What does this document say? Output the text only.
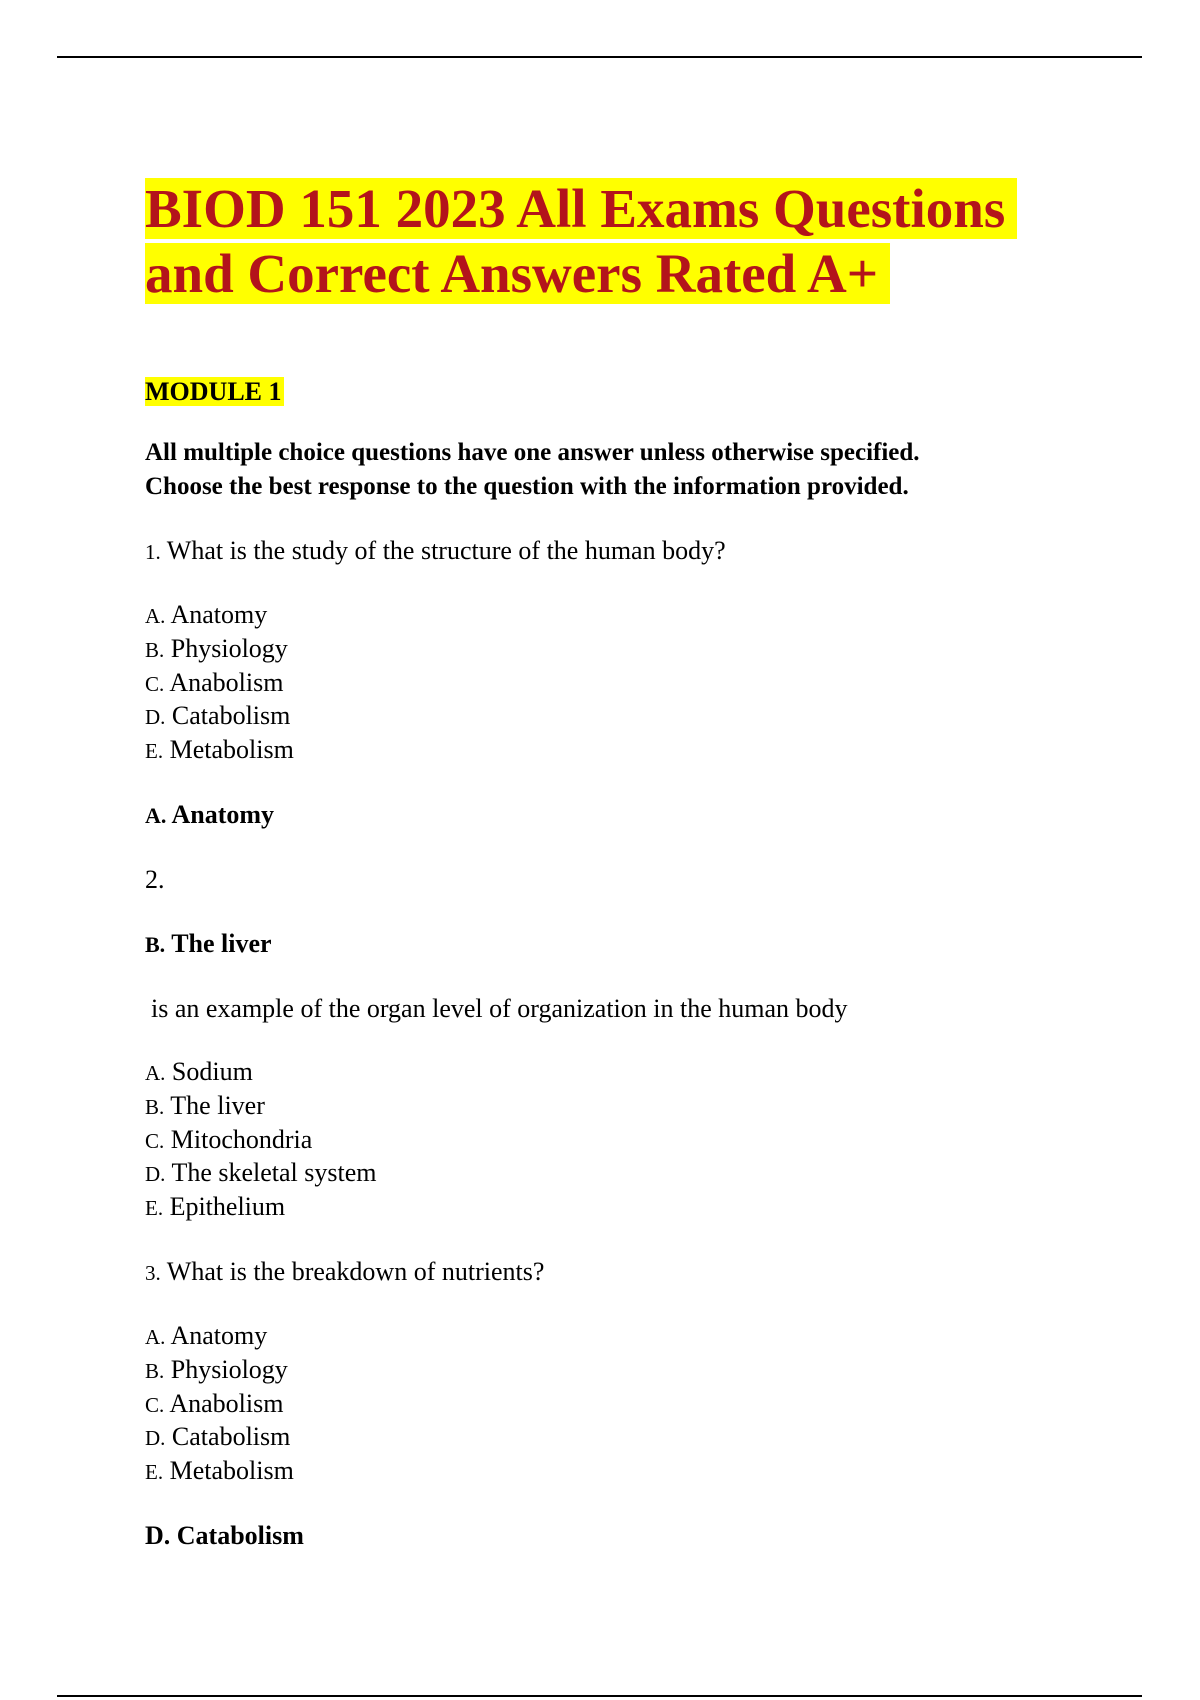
BIOD 151 2023 All Exams Questions
and Correct Answers Rated A+
MODULE 1
All multiple choice questions have one answer unless otherwise specified.
Choose the best response to the question with the information provided.
1. What is the study of the structure of the human body?
A. Anatomy
B. Physiology
C. Anabolism
D. Catabolism
E. Metabolism
A. Anatomy
2.
B. The liver
is an example of the organ level of organization in the human body
A. Sodium
B. The liver
C. Mitochondria
D. The skeletal system
E. Epithelium
3. What is the breakdown of nutrients?
A. Anatomy
B. Physiology
C. Anabolism
D. Catabolism
E. Metabolism
D. Catabolism
